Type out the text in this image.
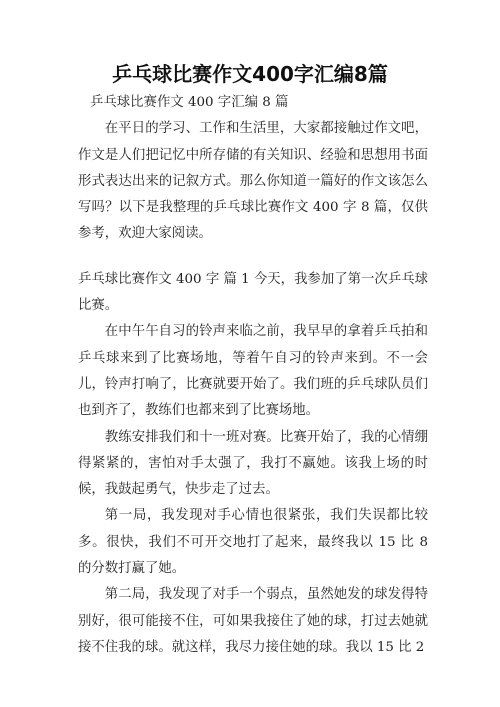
乒乓球比赛作文400字汇编8篇

乒乓球比赛作文 400 字汇编 8 篇

在平日的学习、工作和生活里，大家都接触过作文吧，作文是人们把记忆中所存储的有关知识、经验和思想用书面形式表达出来的记叙方式。那么你知道一篇好的作文该怎么写吗？以下是我整理的乒乓球比赛作文 400 字 8 篇，仅供参考，欢迎大家阅读。

乒乓球比赛作文 400 字 篇 1 今天，我参加了第一次乒乓球比赛。

在中午午自习的铃声来临之前，我早早的拿着乒乓拍和乒乓球来到了比赛场地，等着午自习的铃声来到。不一会儿，铃声打响了，比赛就要开始了。我们班的乒乓球队员们也到齐了，教练们也都来到了比赛场地。

教练安排我们和十一班对赛。比赛开始了，我的心情绷得紧紧的，害怕对手太强了，我打不赢她。该我上场的时候，我鼓起勇气，快步走了过去。

第一局，我发现对手心情也很紧张，我们失误都比较多。很快，我们不可开交地打了起来，最终我以 15 比 8 的分数打赢了她。

第二局，我发现了对手一个弱点，虽然她发的球发得特别好，很可能接不住，可如果我接住了她的球，打过去她就接不住我的球。就这样，我尽力接住她的球。我以 15 比 2
